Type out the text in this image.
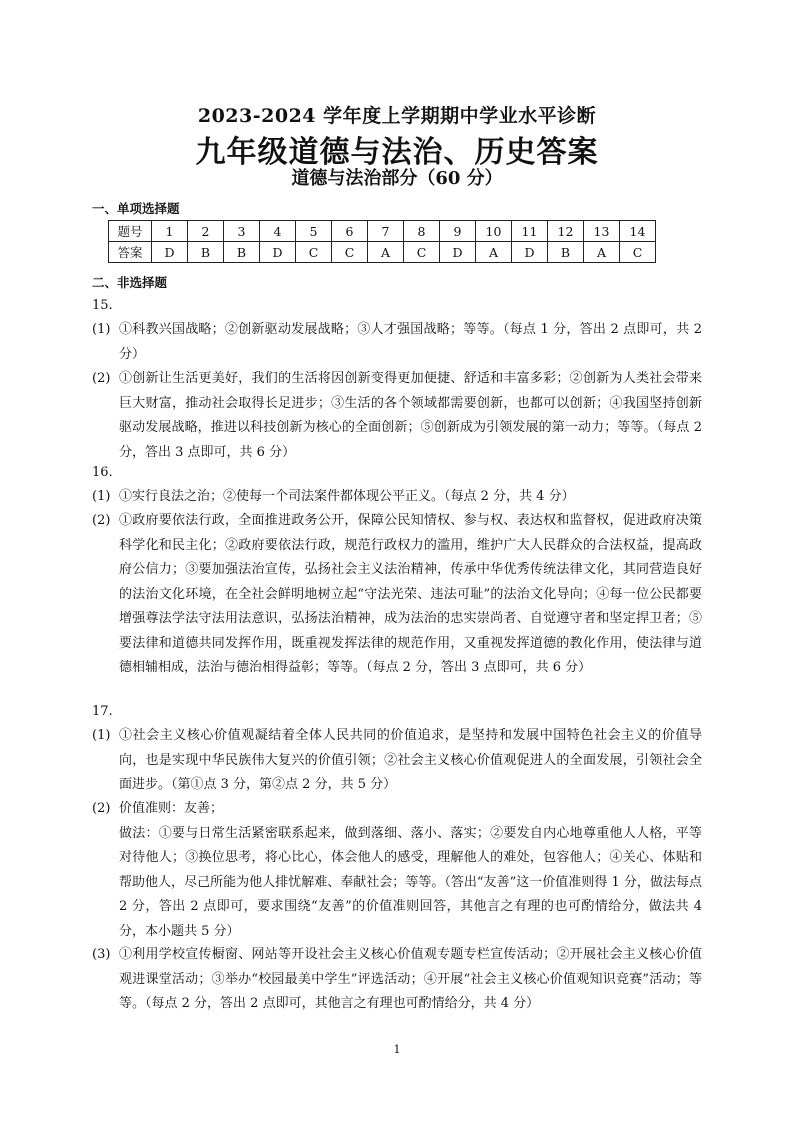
2023-2024 学年度上学期期中学业水平诊断
九年级道德与法治、历史答案
道德与法治部分（60 分）
一、单项选择题
题号	1	2	3	4	5	6	7	8	9	10	11	12	13	14
答案	D	B	B	D	C	C	A	C	D	A	D	B	A	C
二、非选择题
15.
(1) ①科教兴国战略；②创新驱动发展战略；③人才强国战略；等等。（每点 1 分，答出 2 点即可，共 2 分）
(2) ①创新让生活更美好，我们的生活将因创新变得更加便捷、舒适和丰富多彩；②创新为人类社会带来巨大财富，推动社会取得长足进步；③生活的各个领域都需要创新，也都可以创新；④我国坚持创新驱动发展战略，推进以科技创新为核心的全面创新；⑤创新成为引领发展的第一动力；等等。（每点 2 分，答出 3 点即可，共 6 分）
16.
(1) ①实行良法之治；②使每一个司法案件都体现公平正义。（每点 2 分，共 4 分）
(2) ①政府要依法行政，全面推进政务公开，保障公民知情权、参与权、表达权和监督权，促进政府决策科学化和民主化；②政府要依法行政，规范行政权力的滥用，维护广大人民群众的合法权益，提高政府公信力；③要加强法治宣传，弘扬社会主义法治精神，传承中华优秀传统法律文化，其同营造良好的法治文化环境，在全社会鲜明地树立起“守法光荣、违法可耻”的法治文化导向；④每一位公民都要增强尊法学法守法用法意识，弘扬法治精神，成为法治的忠实崇尚者、自觉遵守者和坚定捍卫者；⑤要法律和道德共同发挥作用，既重视发挥法律的规范作用，又重视发挥道德的教化作用，使法律与道德相辅相成，法治与德治相得益彰；等等。（每点 2 分，答出 3 点即可，共 6 分）
17.
(1) ①社会主义核心价值观凝结着全体人民共同的价值追求，是坚持和发展中国特色社会主义的价值导向，也是实现中华民族伟大复兴的价值引领；②社会主义核心价值观促进人的全面发展，引领社会全面进步。（第①点 3 分，第②点 2 分，共 5 分）
(2) 价值准则：友善；
做法：①要与日常生活紧密联系起来，做到落细、落小、落实；②要发自内心地尊重他人人格，平等对待他人；③换位思考，将心比心，体会他人的感受，理解他人的难处，包容他人；④关心、体贴和帮助他人，尽己所能为他人排忧解难、奉献社会；等等。（答出“友善”这一价值准则得 1 分，做法每点 2 分，答出 2 点即可，要求围绕“友善”的价值准则回答，其他言之有理的也可酌情给分，做法共 4 分，本小题共 5 分）
(3) ①利用学校宣传橱窗、网站等开设社会主义核心价值观专题专栏宣传活动；②开展社会主义核心价值观进课堂活动；③举办“校园最美中学生”评选活动；④开展“社会主义核心价值观知识竞赛”活动；等等。（每点 2 分，答出 2 点即可，其他言之有理也可酌情给分，共 4 分）
1
